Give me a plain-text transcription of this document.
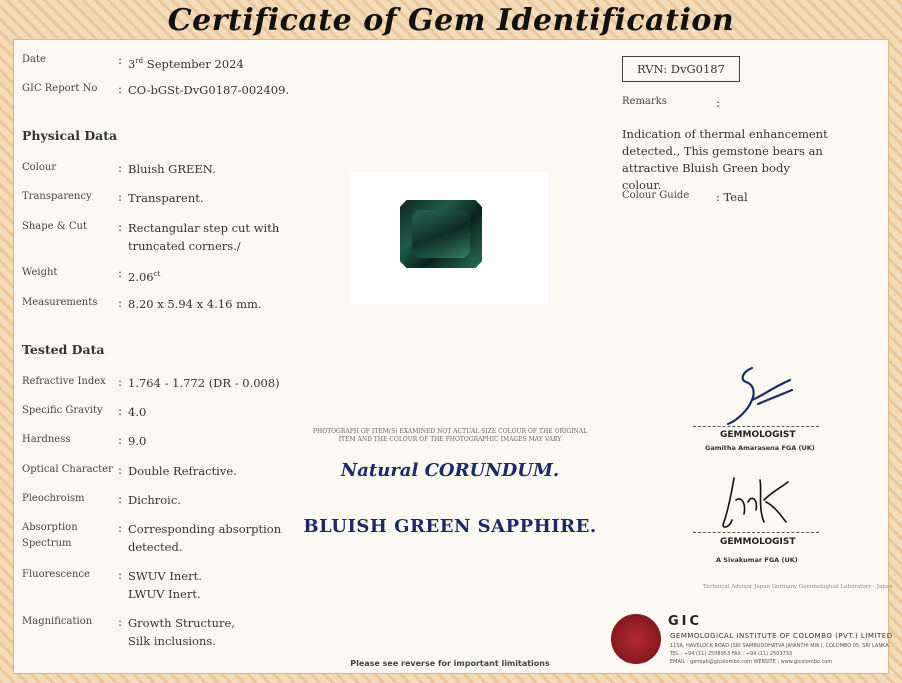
Certificate of Gem Identification
Date	: 3rd September 2024
GIC Report No	: CO-bGSt-DvG0187-002409.
Physical Data
Colour	: Bluish GREEN.
Transparency	: Transparent.
Shape & Cut	: Rectangular step cut with truncated corners./
Weight	: $2.06^{ct}$
Measurements	: 8.20 x 5.94 x 4.16 mm.
Tested Data
Refractive Index	: 1.764 - 1.772 (DR - 0.008)
Specific Gravity	: 4.0
Hardness	: 9.0
Optical Character : Double Refractive.
Pleochroism	: Dichroic.
Absorption
Spectrum
: Corresponding absorption
detected.
Fluorescence	: SWUV Inert.
LWUV Inert.
Magnification	: Growth Structure,
Silk inclusions.
PHOTOGRAPH OF ITEM(S) EXAMINED NOT ACTUAL SIZE COLOUR OF THE ORIGINAL ITEM AND THE COLOUR OF THE PHOTOGRAPHIC IMAGES MAY VARY
Natural CORUNDUM.
BLUISH GREEN SAPPHIRE.
RVN: DvG0187
Remarks	:
Indication of thermal enhancement detected., This gemstone bears an attractive Bluish Green body colour.
Colour Guide : Teal
GEMMOLOGIST
Gamitha Amarasena FGA (UK)
GEMMOLOGIST
A Sivakumar FGA (UK)
Technical Advisor Japan Germany Gemmological Laboratory - Japan
GIC
GEMMOLOGICAL INSTITUTE OF COLOMBO (PVT.) LIMITED
115A, HAVELOCK ROAD (SRI SAMBUDDHATVA JAYANTHI MW.), COLOMBO 05, SRI LANKA.
TEL : +94 (11) 2508953 FAX : +94 (11) 2503733
EMAIL : gemlab@gicolombo.com WEBSITE : www.gicolombo.com
Please see reverse for important limitations
